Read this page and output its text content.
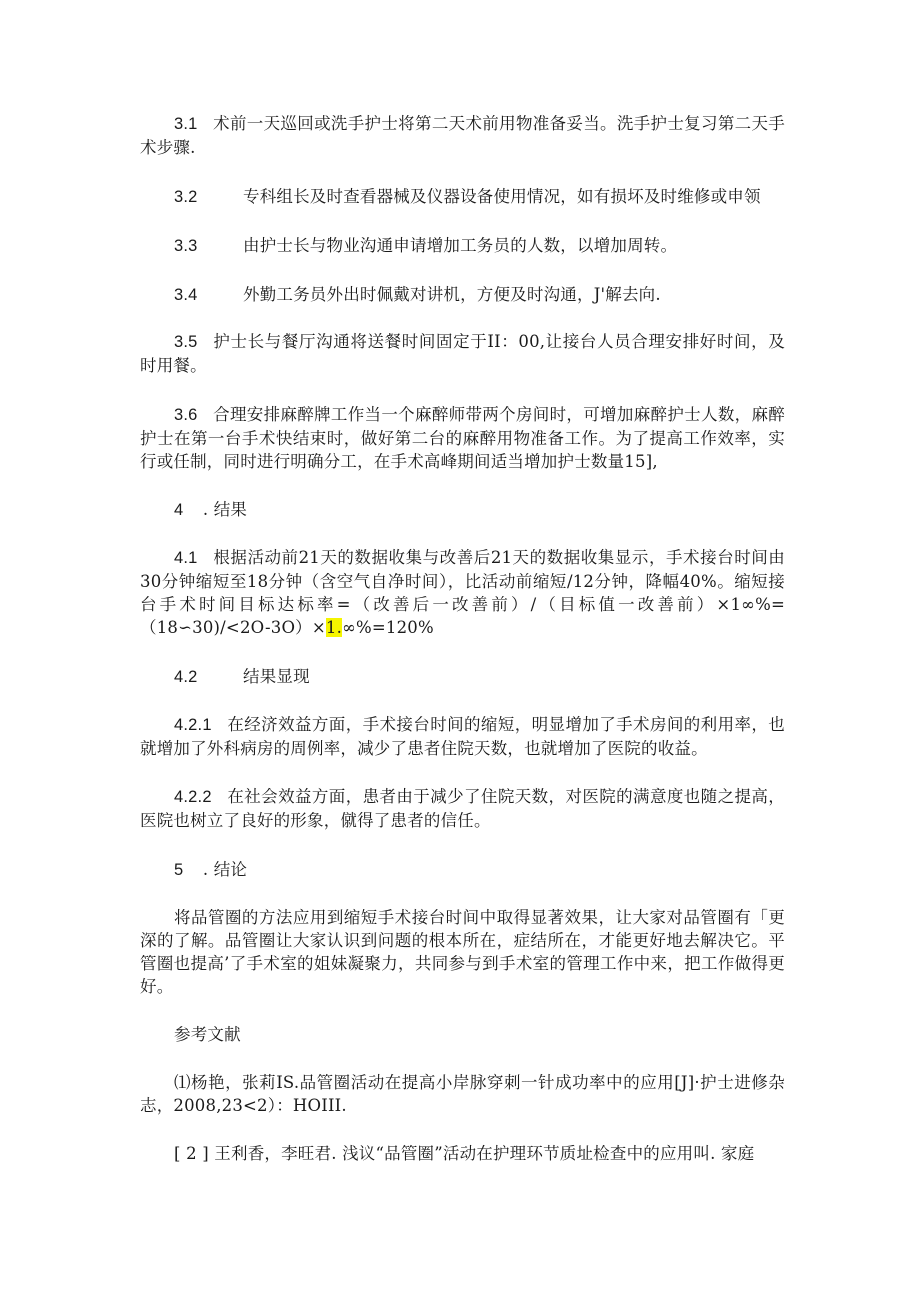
3.1 术前一天巡回或洗手护士将第二天术前用物准备妥当。洗手护士复习第二天手术步骤.
3.2	专科组长及时查看器械及仪器设备使用情况，如有损坏及时维修或申领
3.3	由护士长与物业沟通申请增加工务员的人数，以增加周转。
3.4	外勤工务员外出时佩戴对讲机，方便及时沟通，J'解去向.
3.5 护士长与餐厅沟通将送餐时间固定于II：00,让接台人员合理安排好时间，及时用餐。
3.6 合理安排麻醉牌工作当一个麻醉师带两个房间时，可增加麻醉护士人数，麻醉护士在第一台手术快结束时，做好第二台的麻醉用物准备工作。为了提高工作效率，实行或任制，同时进行明确分工，在手术高峰期间适当增加护士数量15],
4 . 结果
4.1 根据活动前21天的数据收集与改善后21天的数据收集显示，手术接台时间由30分钟缩短至18分钟（含空气自净时间），比活动前缩短/12分钟，降幅40%。缩短接台手术时间目标达标率=（改善后一改善前）/（目标值一改善前）×1∞%=（18∽30)/<2O-3O）×1.∞%=120%
4.2	结果显现
4.2.1 在经济效益方面，手术接台时间的缩短，明显增加了手术房间的利用率，也就增加了外科病房的周例率，减少了患者住院天数，也就增加了医院的收益。
4.2.2 在社会效益方面，患者由于减少了住院天数，对医院的满意度也随之提高，医院也树立了良好的形象，僦得了患者的信任。
5 . 结论
将品管圈的方法应用到缩短手术接台时间中取得显著效果，让大家对品管圈有「更深的了解。品管圈让大家认识到问题的根本所在，症结所在，才能更好地去解决它。平管圈也提高’了手术室的姐妹凝聚力，共同参与到手术室的管理工作中来，把工作做得更好。
参考文献
⑴杨艳，张莉IS.品管圈活动在提高小岸脉穿刺一针成功率中的应用[J]·护士进修杂志，2008,23<2）：HOIII.
[ 2 ] 王利香，李旺君. 浅议“品管圈”活动在护理环节质址检查中的应用叫. 家庭
